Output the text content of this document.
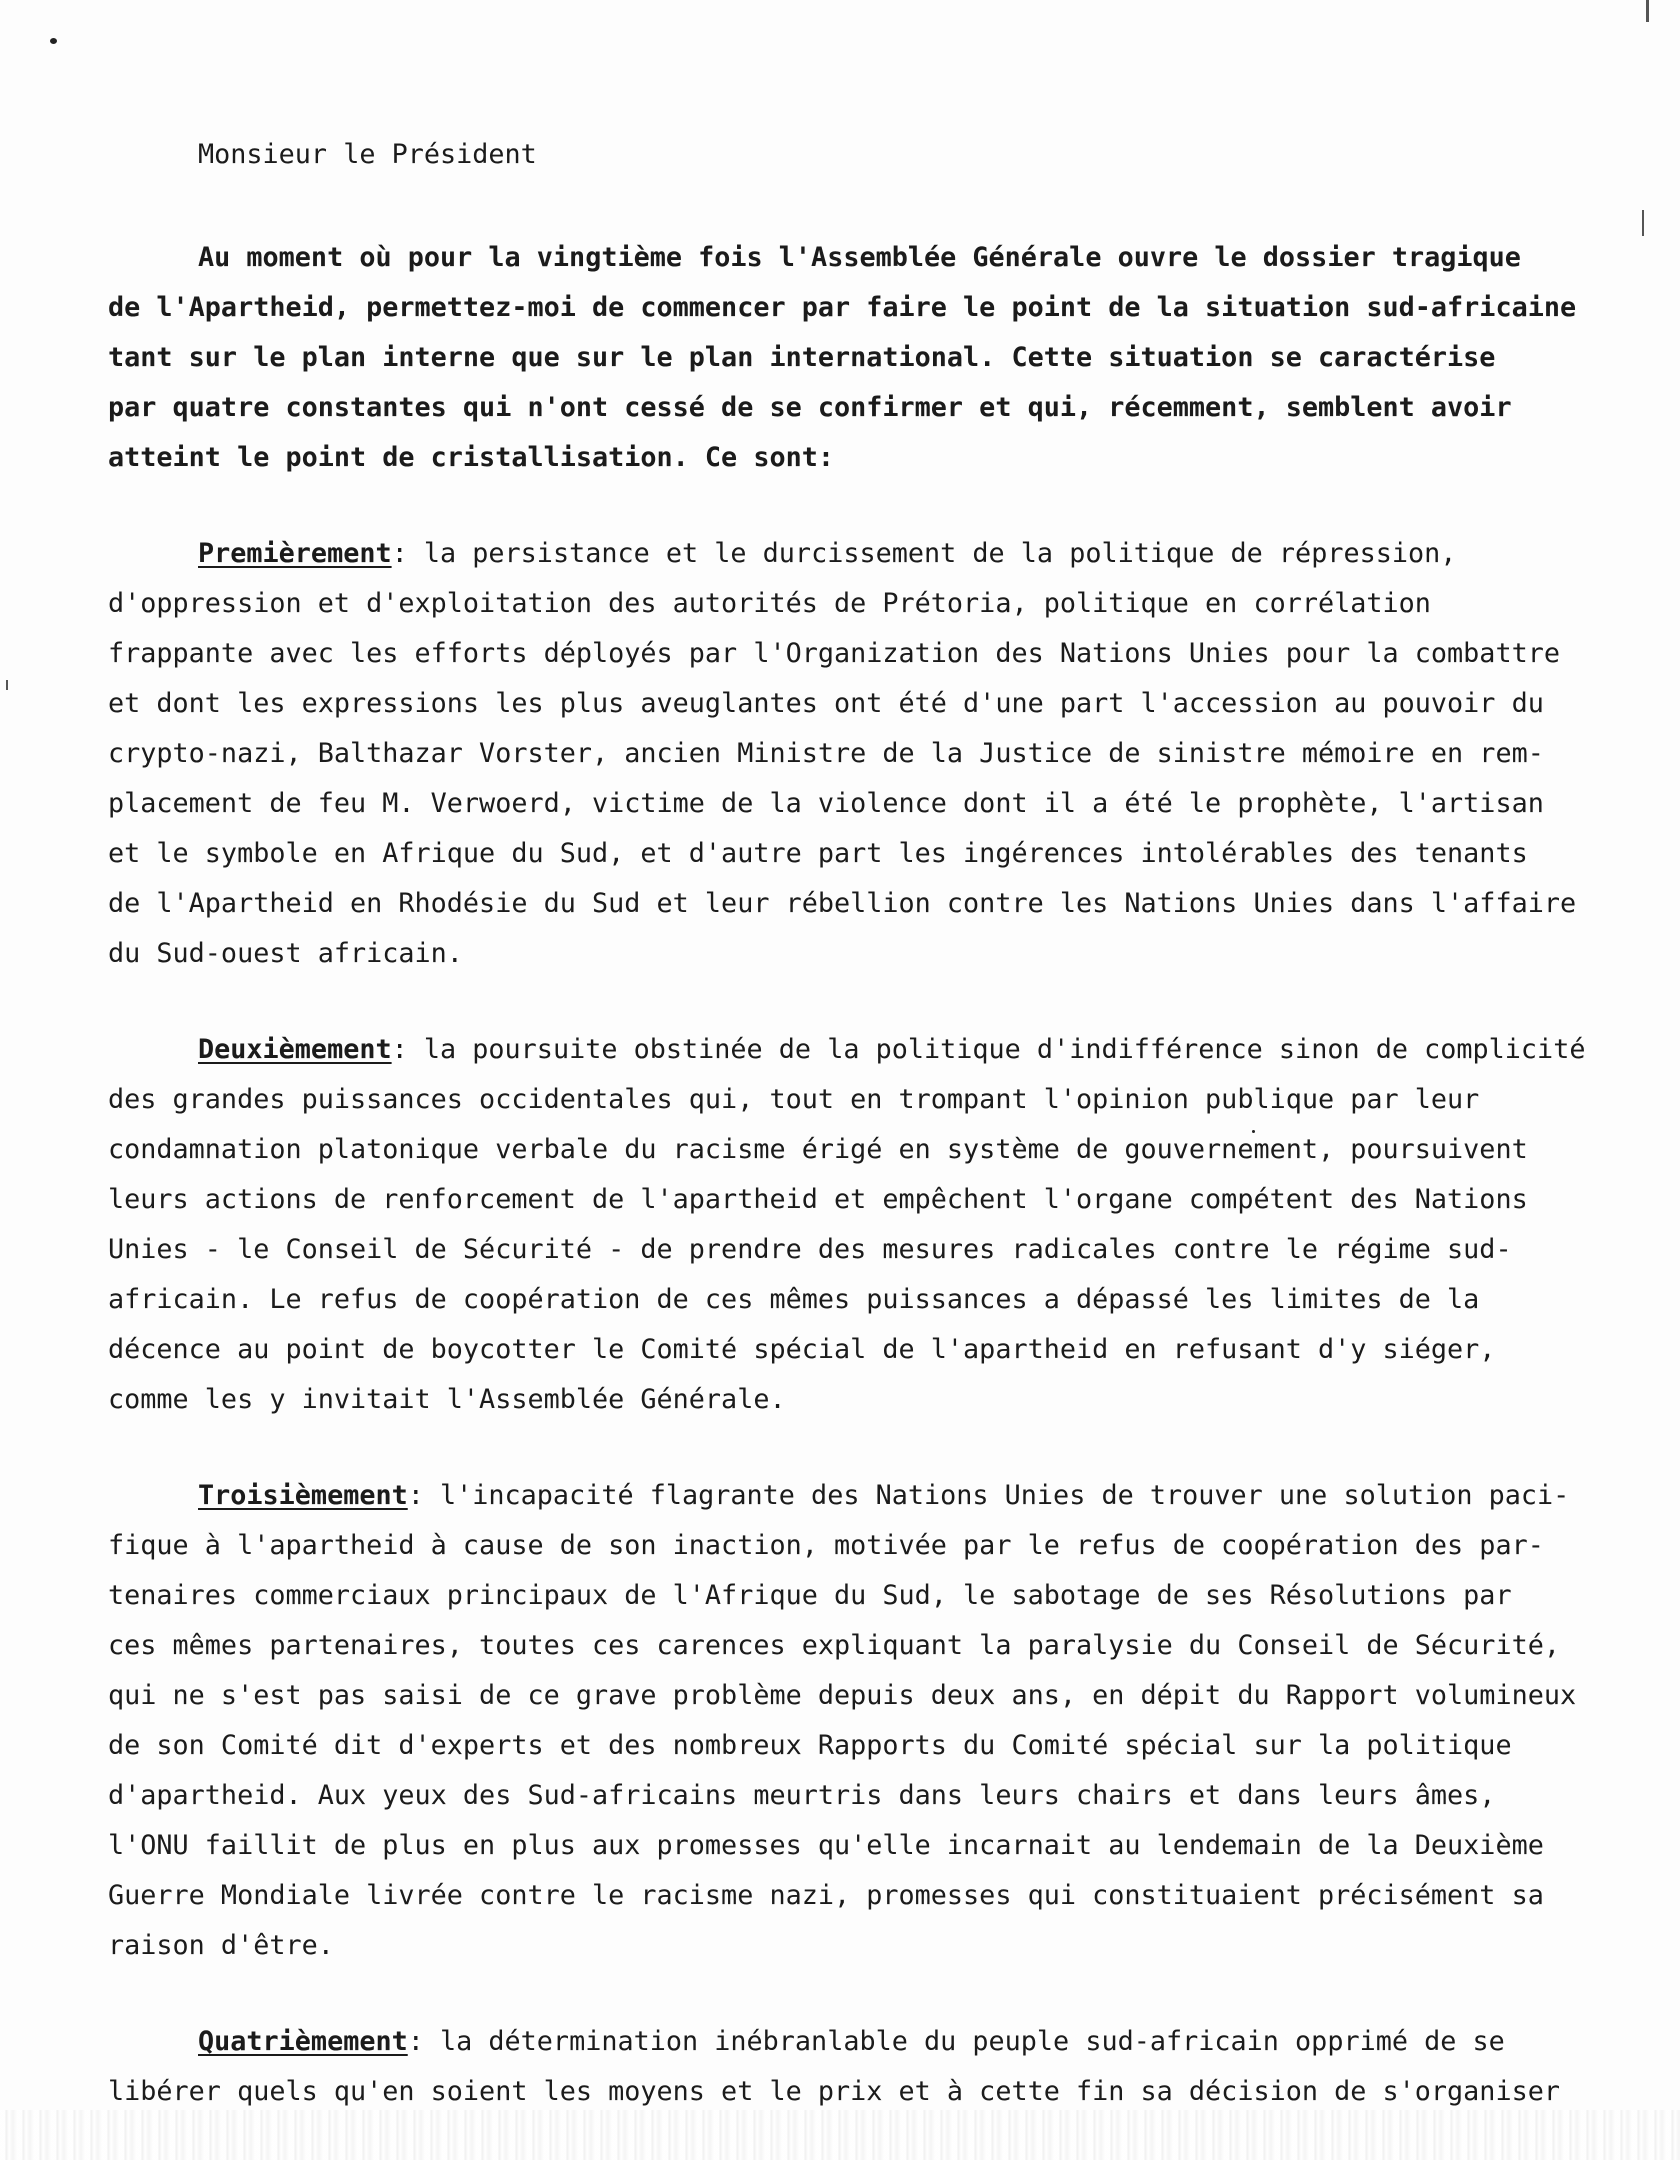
Monsieur le Président
Au moment où pour la vingtième fois l'Assemblée Générale ouvre le dossier tragique
de l'Apartheid, permettez-moi de commencer par faire le point de la situation sud-africaine
tant sur le plan interne que sur le plan international. Cette situation se caractérise
par quatre constantes qui n'ont cessé de se confirmer et qui, récemment, semblent avoir
atteint le point de cristallisation. Ce sont:
Premièrement: la persistance et le durcissement de la politique de répression,
d'oppression et d'exploitation des autorités de Prétoria, politique en corrélation
frappante avec les efforts déployés par l'Organization des Nations Unies pour la combattre
et dont les expressions les plus aveuglantes ont été d'une part l'accession au pouvoir du
crypto-nazi, Balthazar Vorster, ancien Ministre de la Justice de sinistre mémoire en rem-
placement de feu M. Verwoerd, victime de la violence dont il a été le prophète, l'artisan
et le symbole en Afrique du Sud, et d'autre part les ingérences intolérables des tenants
de l'Apartheid en Rhodésie du Sud et leur rébellion contre les Nations Unies dans l'affaire
du Sud-ouest africain.
Deuxièmement: la poursuite obstinée de la politique d'indifférence sinon de complicité
des grandes puissances occidentales qui, tout en trompant l'opinion publique par leur
condamnation platonique verbale du racisme érigé en système de gouvernement, poursuivent
leurs actions de renforcement de l'apartheid et empêchent l'organe compétent des Nations
Unies - le Conseil de Sécurité - de prendre des mesures radicales contre le régime sud-
africain. Le refus de coopération de ces mêmes puissances a dépassé les limites de la
décence au point de boycotter le Comité spécial de l'apartheid en refusant d'y siéger,
comme les y invitait l'Assemblée Générale.
Troisièmement: l'incapacité flagrante des Nations Unies de trouver une solution paci-
fique à l'apartheid à cause de son inaction, motivée par le refus de coopération des par-
tenaires commerciaux principaux de l'Afrique du Sud, le sabotage de ses Résolutions par
ces mêmes partenaires, toutes ces carences expliquant la paralysie du Conseil de Sécurité,
qui ne s'est pas saisi de ce grave problème depuis deux ans, en dépit du Rapport volumineux
de son Comité dit d'experts et des nombreux Rapports du Comité spécial sur la politique
d'apartheid. Aux yeux des Sud-africains meurtris dans leurs chairs et dans leurs âmes,
l'ONU faillit de plus en plus aux promesses qu'elle incarnait au lendemain de la Deuxième
Guerre Mondiale livrée contre le racisme nazi, promesses qui constituaient précisément sa
raison d'être.
Quatrièmement: la détermination inébranlable du peuple sud-africain opprimé de se
libérer quels qu'en soient les moyens et le prix et à cette fin sa décision de s'organiser
